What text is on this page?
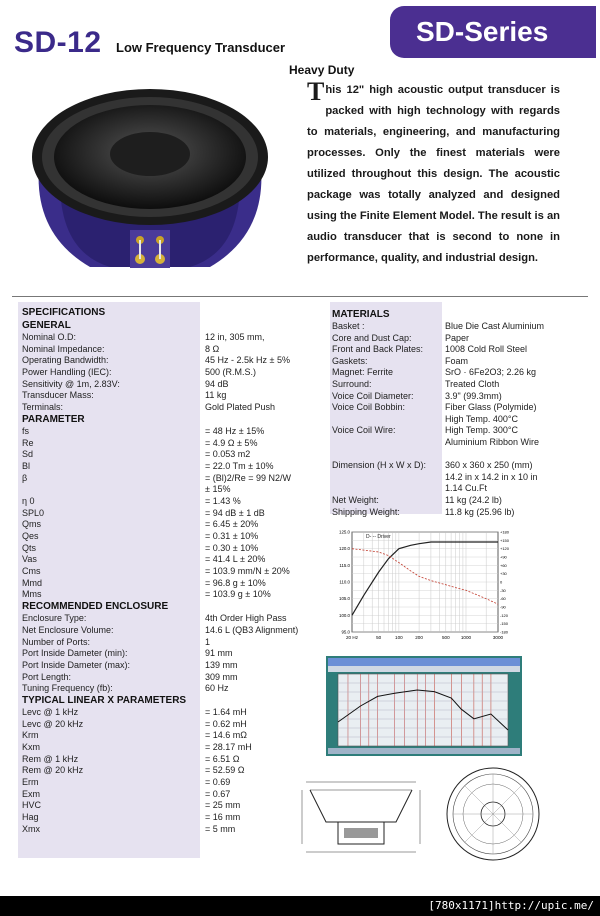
SD-12 Low Frequency Transducer
SD-Series
Heavy Duty
This 12" high acoustic output transducer is packed with high technology with regards to materials, engineering, and manufacturing processes. Only the finest materials were utilized throughout this design. The acoustic package was totally analyzed and designed using the Finite Element Model. The result is an audio transducer that is second to none in performance, quality, and industrial design.
SPECIFICATIONS
GENERAL
Nominal O.D:	12 in, 305 mm,
Nominal Impedance:	8 Ω
Operating Bandwidth:	45 Hz - 2.5k Hz ± 5%
Power Handling (IEC):	500 (R.M.S.)
Sensitivity @ 1m, 2.83V:	94 dB
Transducer Mass:	11 kg
Terminals:	Gold Plated Push
PARAMETER
fs	= 48 Hz ± 15%
Re	= 4.9 Ω ± 5%
Sd	= 0.053 m2
Bl	= 22.0 Tm ± 10%
β	= (Bl)2/Re = 99 N2/W
± 15%
η 0	= 1.43 %
SPL0	= 94 dB ± 1 dB
Qms	= 6.45 ± 20%
Qes	= 0.31 ± 10%
Qts	= 0.30 ± 10%
Vas	= 41.4 L ± 20%
Cms	= 103.9 mm/N ± 20%
Mmd	= 96.8 g ± 10%
Mms	= 103.9 g ± 10%
RECOMMENDED ENCLOSURE
Enclosure Type:	4th Order High Pass
Net Enclosure Volume:	14.6 L (QB3 Alignment)
Number of Ports:	1
Port Inside Dameter (min):	91 mm
Port Inside Dameter (max):	139 mm
Port Length:	309 mm
Tuning Frequency (fb):	60 Hz
TYPICAL LINEAR X PARAMETERS
Levc @ 1 kHz	= 1.64 mH
Levc @ 20 kHz	= 0.62 mH
Krm	= 14.6 mΩ
Kxm	= 28.17 mH
Rem @ 1 kHz	= 6.51 Ω
Rem @ 20 kHz	= 52.59 Ω
Erm	= 0.69
Exm	= 0.67
HVC	= 25 mm
Hag	= 16 mm
Xmx	= 5 mm
MATERIALS
Basket :	Blue Die Cast Aluminium
Core and Dust Cap:	Paper
Front and Back Plates: 1008 Cold Roll Steel
Gaskets:	Foam
Magnet: Ferrite	SrO · 6Fe2O3; 2.26 kg
Surround:	Treated Cloth
Voice Coil Diameter:	3.9" (99.3mm)
Voice Coil Bobbin:	Fiber Glass (Polymide)
High Temp. 400°C
Voice Coil Wire:	High Temp. 300°C
Aluminium Ribbon Wire
Dimension (H x W x D): 360 x 360 x 250 (mm)
14.2 in x 14.2 in x 10 in
1.14 Cu.Ft
Net Weight:	11 kg (24.2 lb)
Shipping Weight:	11.8 kg (25.96 lb)
20 Hz	50	100	200	500 1000	3000
125.0
120.0
115.0
110.0
105.0
100.0
95.0
+180
+150
+120
+90
+60
+30
0
-30
-60
-90
-120
-150
-180
D- -- Driver
[780x1171]http://upic.me/
